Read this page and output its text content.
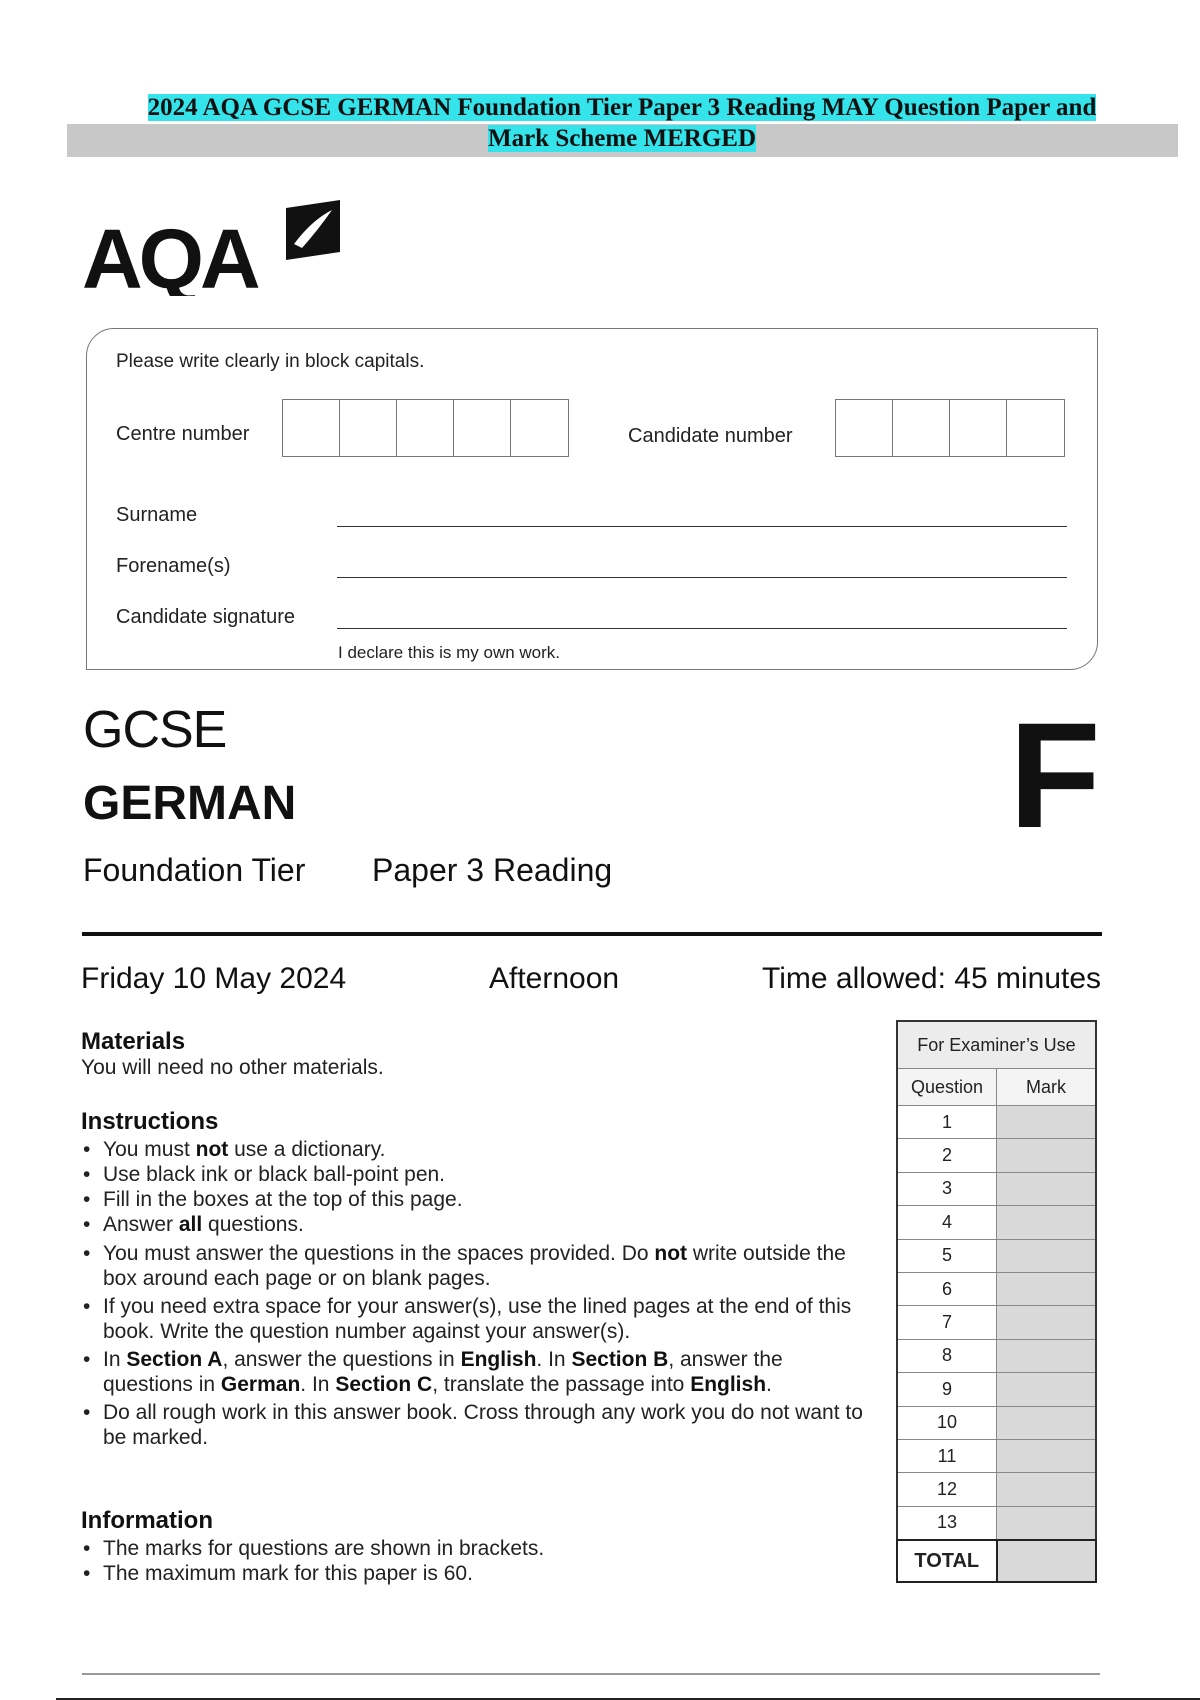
2024 AQA GCSE GERMAN Foundation Tier Paper 3 Reading MAY Question Paper and
Mark Scheme MERGED
AQA
Please write clearly in block capitals.
Centre number	Candidate number
Surname
Forename(s)
Candidate signature
I declare this is my own work.
GCSE
GERMAN
Foundation Tier Paper 3 Reading
F
Friday 10 May 2024	Afternoon	Time allowed: 45 minutes
Materials
You will need no other materials.
Instructions
• You must not use a dictionary.
• Use black ink or black ball-point pen.
• Fill in the boxes at the top of this page.
• Answer all questions.
• You must answer the questions in the spaces provided. Do not write outside the box around each page or on blank pages.
• If you need extra space for your answer(s), use the lined pages at the end of this book. Write the question number against your answer(s).
• In Section A, answer the questions in English. In Section B, answer the questions in German. In Section C, translate the passage into English.
• Do all rough work in this answer book. Cross through any work you do not want to be marked.
Information
• The marks for questions are shown in brackets.
• The maximum mark for this paper is 60.
For Examiner’s Use	
Question	Mark
1	
2	
3	
4	
5	
6	
7	
8	
9	
10	
11	
12	
13	
TOTAL	
